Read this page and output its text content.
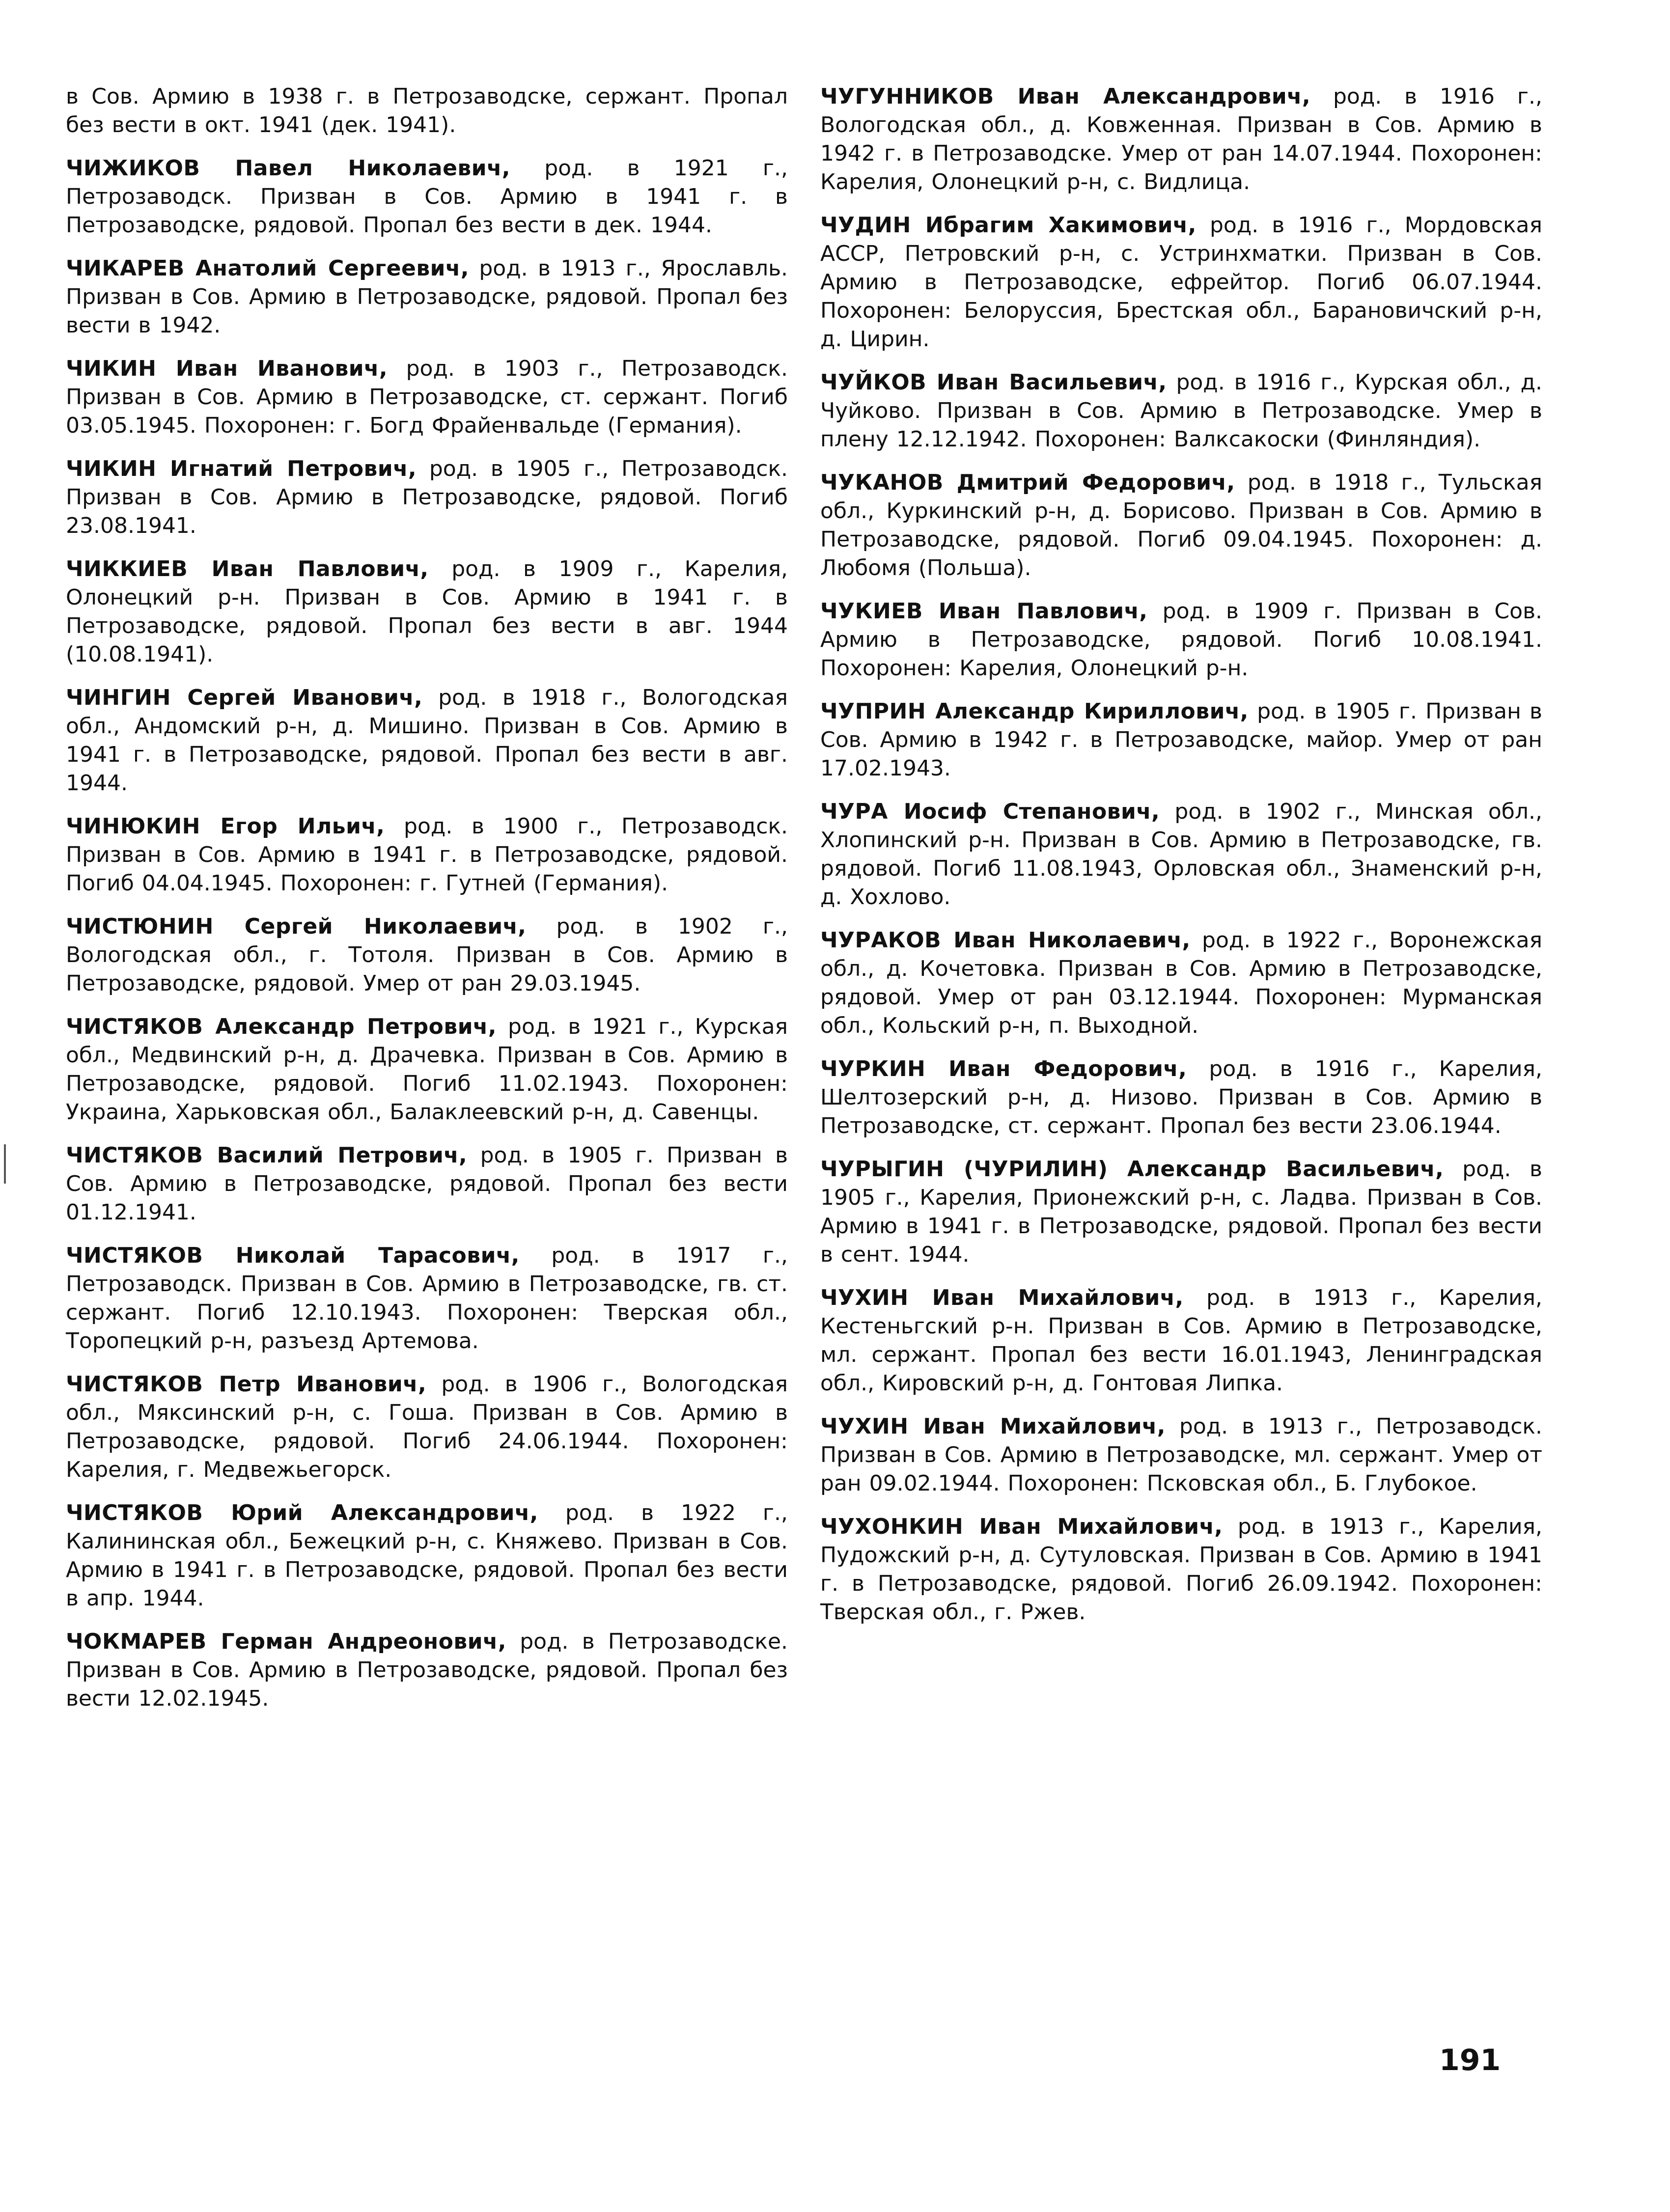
в Сов. Армию в 1938 г. в Петрозаводске, сержант. Пропал без вести в окт. 1941 (дек. 1941).

ЧИЖИКОВ Павел Николаевич, род. в 1921 г., Петрозаводск. Призван в Сов. Армию в 1941 г. в Петрозаводске, рядовой. Пропал без вести в дек. 1944.

ЧИКАРЕВ Анатолий Сергеевич, род. в 1913 г., Ярославль. Призван в Сов. Армию в Петрозаводске, рядовой. Пропал без вести в 1942.

ЧИКИН Иван Иванович, род. в 1903 г., Петрозаводск. Призван в Сов. Армию в Петрозаводске, ст. сержант. Погиб 03.05.1945. Похоронен: г. Богд Фрайенвальде (Германия).

ЧИКИН Игнатий Петрович, род. в 1905 г., Петрозаводск. Призван в Сов. Армию в Петрозаводске, рядовой. Погиб 23.08.1941.

ЧИККИЕВ Иван Павлович, род. в 1909 г., Карелия, Олонецкий р-н. Призван в Сов. Армию в 1941 г. в Петрозаводске, рядовой. Пропал без вести в авг. 1944 (10.08.1941).

ЧИНГИН Сергей Иванович, род. в 1918 г., Вологодская обл., Андомский р-н, д. Мишино. Призван в Сов. Армию в 1941 г. в Петрозаводске, рядовой. Пропал без вести в авг. 1944.

ЧИНЮКИН Егор Ильич, род. в 1900 г., Петрозаводск. Призван в Сов. Армию в 1941 г. в Петрозаводске, рядовой. Погиб 04.04.1945. Похоронен: г. Гутней (Германия).

ЧИСТЮНИН Сергей Николаевич, род. в 1902 г., Вологодская обл., г. Тотоля. Призван в Сов. Армию в Петрозаводске, рядовой. Умер от ран 29.03.1945.

ЧИСТЯКОВ Александр Петрович, род. в 1921 г., Курская обл., Медвинский р-н, д. Драчевка. Призван в Сов. Армию в Петрозаводске, рядовой. Погиб 11.02.1943. Похоронен: Украина, Харьковская обл., Балаклеевский р-н, д. Савенцы.

ЧИСТЯКОВ Василий Петрович, род. в 1905 г. Призван в Сов. Армию в Петрозаводске, рядовой. Пропал без вести 01.12.1941.

ЧИСТЯКОВ Николай Тарасович, род. в 1917 г., Петрозаводск. Призван в Сов. Армию в Петрозаводске, гв. ст. сержант. Погиб 12.10.1943. Похоронен: Тверская обл., Торопецкий р-н, разъезд Артемова.

ЧИСТЯКОВ Петр Иванович, род. в 1906 г., Вологодская обл., Мяксинский р-н, с. Гоша. Призван в Сов. Армию в Петрозаводске, рядовой. Погиб 24.06.1944. Похоронен: Карелия, г. Медвежьегорск.

ЧИСТЯКОВ Юрий Александрович, род. в 1922 г., Калининская обл., Бежецкий р-н, с. Княжево. Призван в Сов. Армию в 1941 г. в Петрозаводске, рядовой. Пропал без вести в апр. 1944.

ЧОКМАРЕВ Герман Андреонович, род. в Петрозаводске. Призван в Сов. Армию в Петрозаводске, рядовой. Пропал без вести 12.02.1945.

ЧУГУННИКОВ Иван Александрович, род. в 1916 г., Вологодская обл., д. Ковженная. Призван в Сов. Армию в 1942 г. в Петрозаводске. Умер от ран 14.07.1944. Похоронен: Карелия, Олонецкий р-н, с. Видлица.

ЧУДИН Ибрагим Хакимович, род. в 1916 г., Мордовская АССР, Петровский р-н, с. Устринхматки. Призван в Сов. Армию в Петрозаводске, ефрейтор. Погиб 06.07.1944. Похоронен: Белоруссия, Брестская обл., Барановичский р-н, д. Цирин.

ЧУЙКОВ Иван Васильевич, род. в 1916 г., Курская обл., д. Чуйково. Призван в Сов. Армию в Петрозаводске. Умер в плену 12.12.1942. Похоронен: Валксакоски (Финляндия).

ЧУКАНОВ Дмитрий Федорович, род. в 1918 г., Тульская обл., Куркинский р-н, д. Борисово. Призван в Сов. Армию в Петрозаводске, рядовой. Погиб 09.04.1945. Похоронен: д. Любомя (Польша).

ЧУКИЕВ Иван Павлович, род. в 1909 г. Призван в Сов. Армию в Петрозаводске, рядовой. Погиб 10.08.1941. Похоронен: Карелия, Олонецкий р-н.

ЧУПРИН Александр Кириллович, род. в 1905 г. Призван в Сов. Армию в 1942 г. в Петрозаводске, майор. Умер от ран 17.02.1943.

ЧУРА Иосиф Степанович, род. в 1902 г., Минская обл., Хлопинский р-н. Призван в Сов. Армию в Петрозаводске, гв. рядовой. Погиб 11.08.1943, Орловская обл., Знаменский р-н, д. Хохлово.

ЧУРАКОВ Иван Николаевич, род. в 1922 г., Воронежская обл., д. Кочетовка. Призван в Сов. Армию в Петрозаводске, рядовой. Умер от ран 03.12.1944. Похоронен: Мурманская обл., Кольский р-н, п. Выходной.

ЧУРКИН Иван Федорович, род. в 1916 г., Карелия, Шелтозерский р-н, д. Низово. Призван в Сов. Армию в Петрозаводске, ст. сержант. Пропал без вести 23.06.1944.

ЧУРЫГИН (ЧУРИЛИН) Александр Васильевич, род. в 1905 г., Карелия, Прионежский р-н, с. Ладва. Призван в Сов. Армию в 1941 г. в Петрозаводске, рядовой. Пропал без вести в сент. 1944.

ЧУХИН Иван Михайлович, род. в 1913 г., Карелия, Кестеньгский р-н. Призван в Сов. Армию в Петрозаводске, мл. сержант. Пропал без вести 16.01.1943, Ленинградская обл., Кировский р-н, д. Гонтовая Липка.

ЧУХИН Иван Михайлович, род. в 1913 г., Петрозаводск. Призван в Сов. Армию в Петрозаводске, мл. сержант. Умер от ран 09.02.1944. Похоронен: Псковская обл., Б. Глубокое.

ЧУХОНКИН Иван Михайлович, род. в 1913 г., Карелия, Пудожский р-н, д. Сутуловская. Призван в Сов. Армию в 1941 г. в Петрозаводске, рядовой. Погиб 26.09.1942. Похоронен: Тверская обл., г. Ржев.

191
